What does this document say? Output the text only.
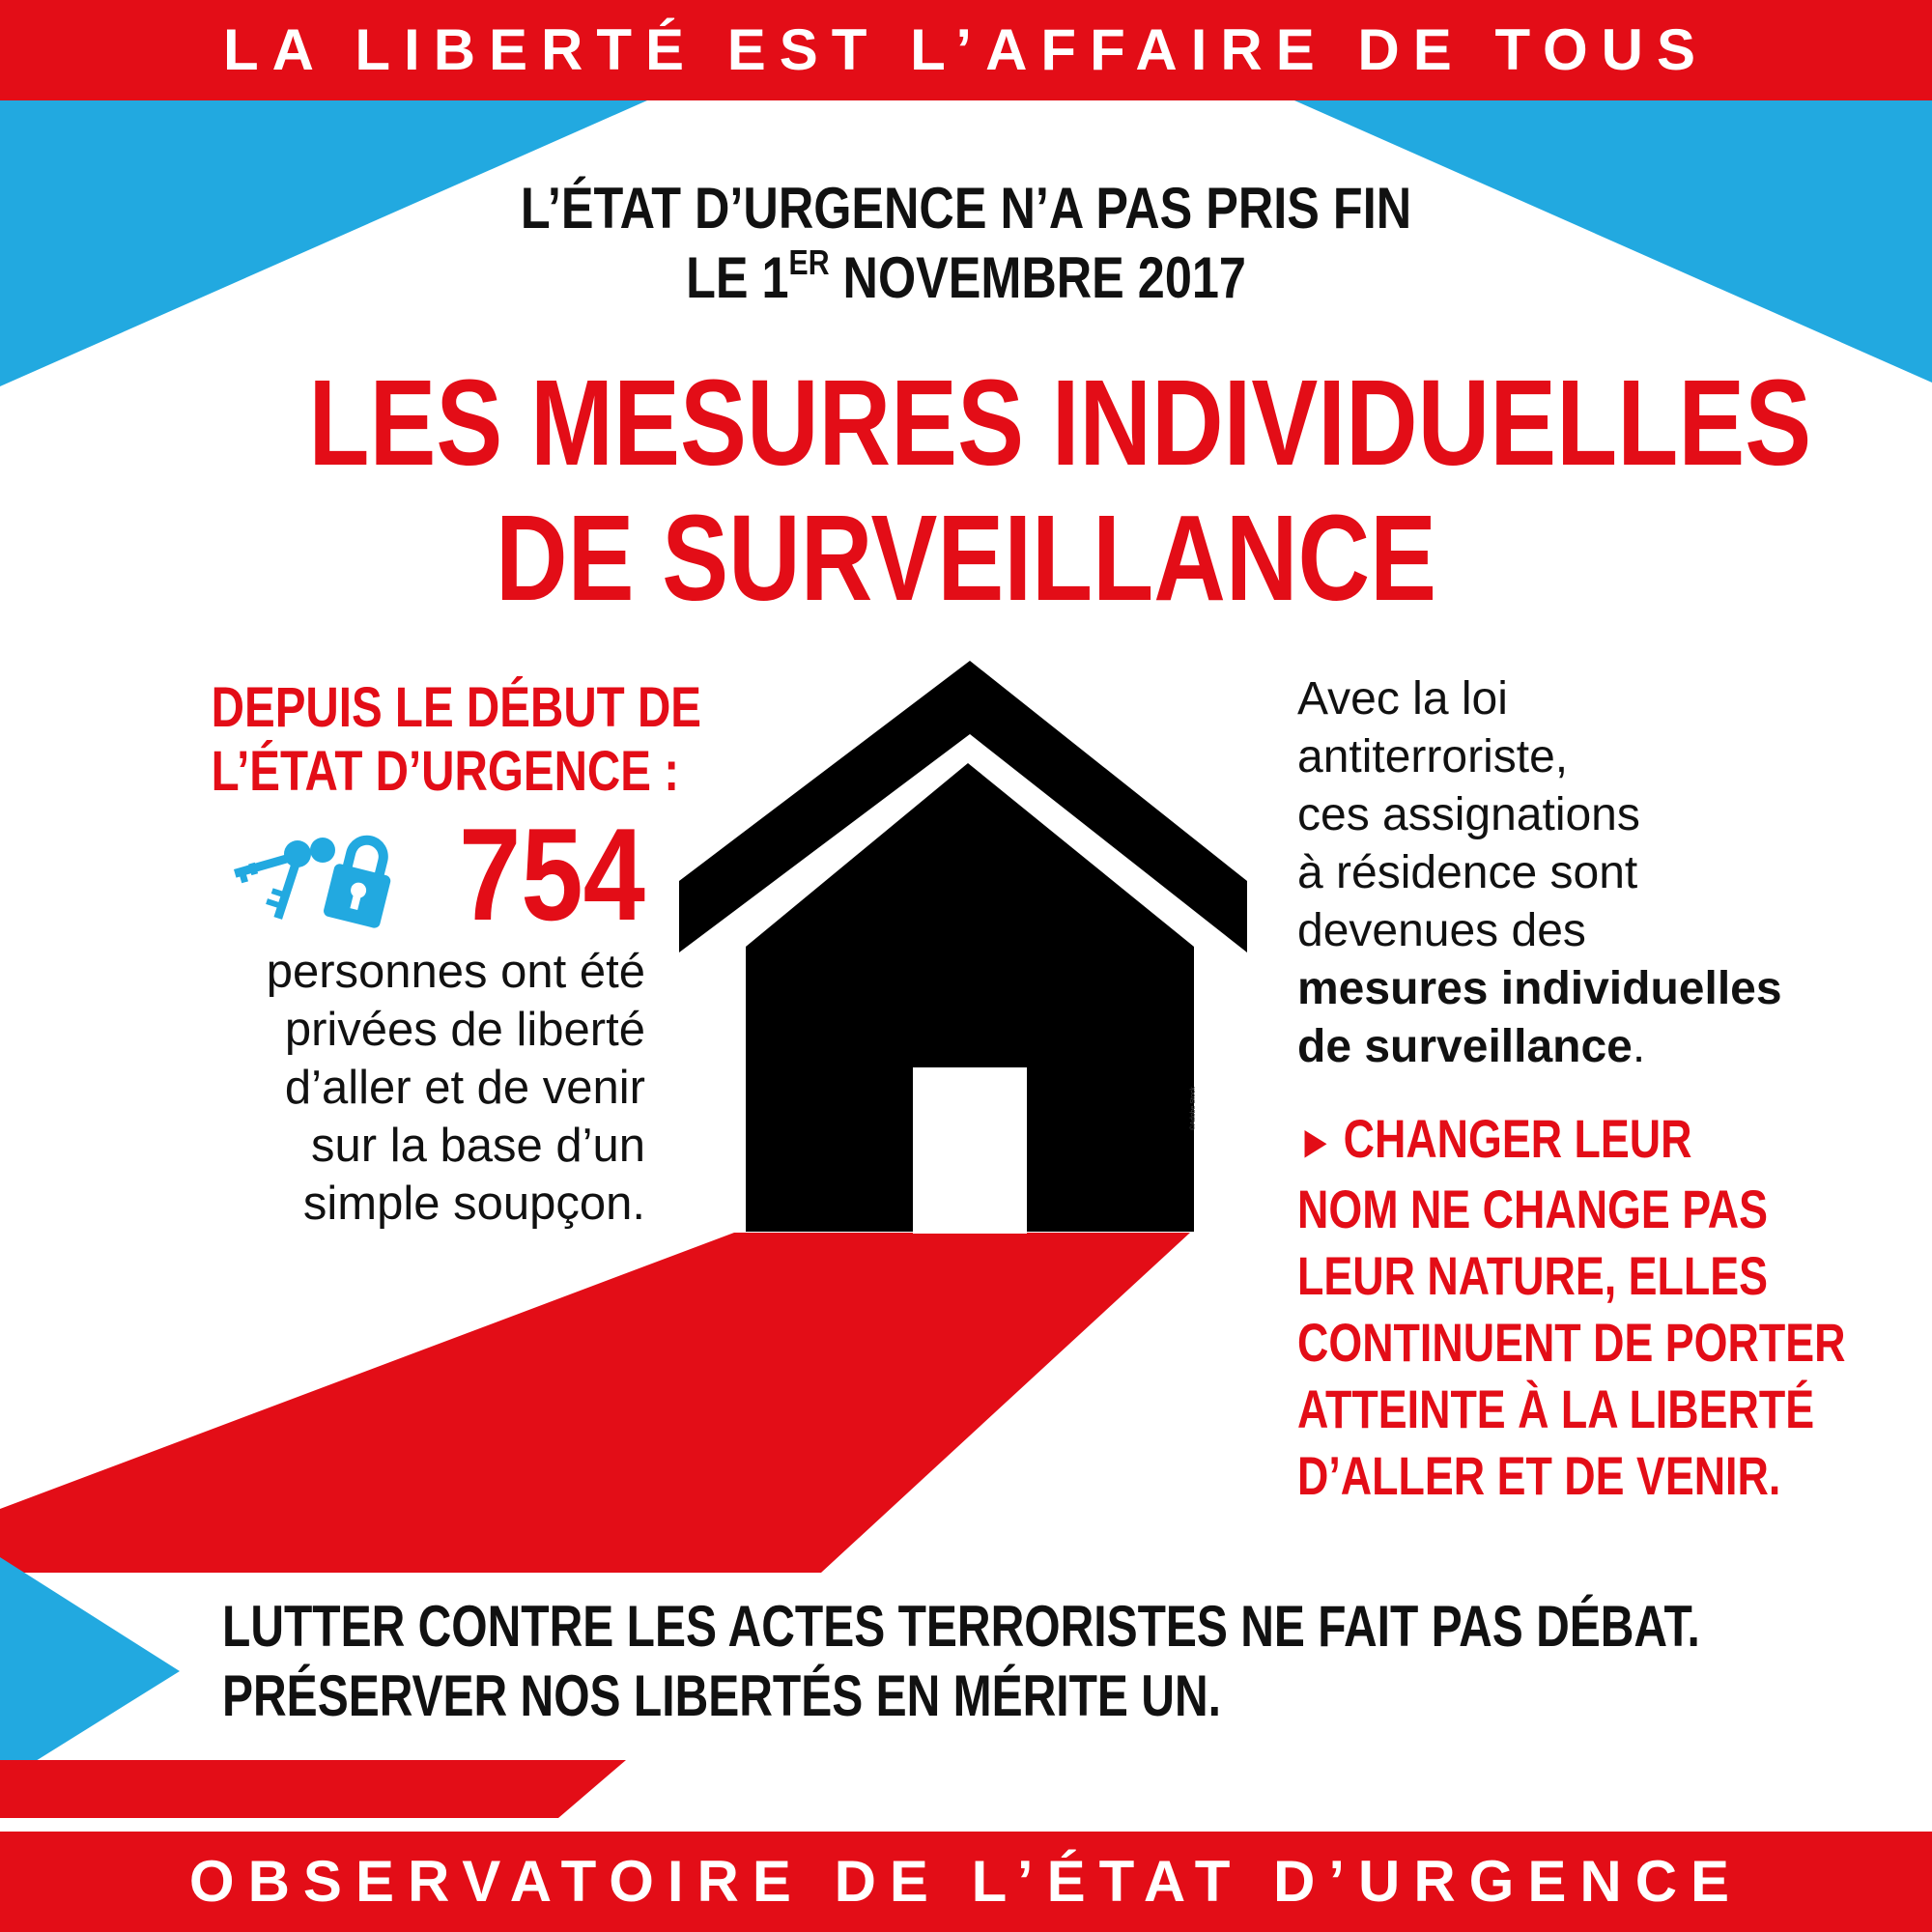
LA LIBERTÉ EST L’AFFAIRE DE TOUS
L’ÉTAT D’URGENCE N’A PAS PRIS FIN
LE 1ER NOVEMBRE 2017
LES MESURES INDIVIDUELLES
DE SURVEILLANCE
DEPUIS LE DÉBUT DE
L’ÉTAT D’URGENCE :
754
personnes ont été
privées de liberté
d’aller et de venir
sur la base d’un
simple soupçon.
©Adobe Stock
Avec la loi
antiterroriste,
ces assignations
à résidence sont
devenues des
mesures individuelles
de surveillance.
► CHANGER LEUR
NOM NE CHANGE PAS
LEUR NATURE, ELLES
CONTINUENT DE PORTER
ATTEINTE À LA LIBERTÉ
D’ALLER ET DE VENIR.
LUTTER CONTRE LES ACTES TERRORISTES NE FAIT PAS DÉBAT.
PRÉSERVER NOS LIBERTÉS EN MÉRITE UN.
OBSERVATOIRE DE L’ÉTAT D’URGENCE
